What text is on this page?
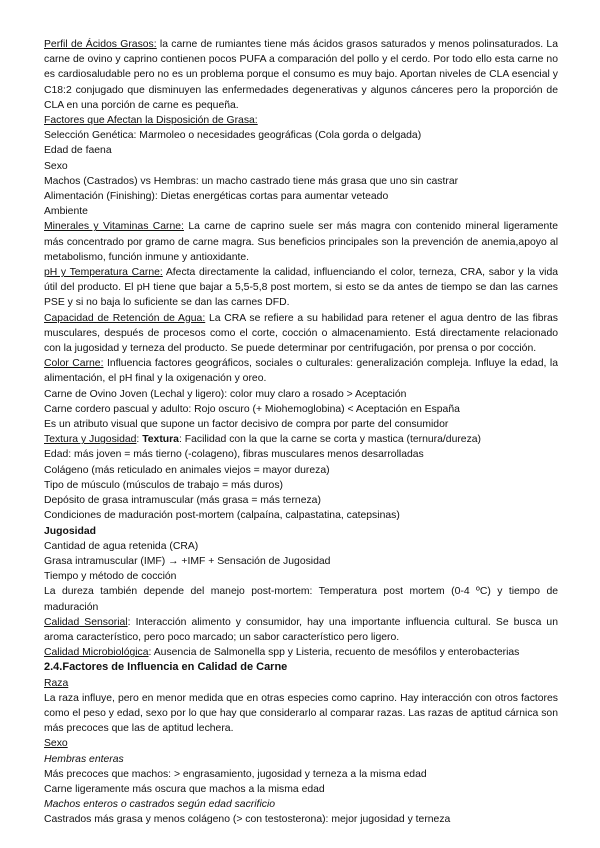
Perfil de Ácidos Grasos: la carne de rumiantes tiene más ácidos grasos saturados y menos polinsaturados. La carne de ovino y caprino contienen pocos PUFA a comparación del pollo y el cerdo. Por todo ello esta carne no es cardiosaludable pero no es un problema porque el consumo es muy bajo. Aportan niveles de CLA esencial y C18:2 conjugado que disminuyen las enfermedades degenerativas y algunos cánceres pero la proporción de CLA en una porción de carne es pequeña.

Factores que Afectan la Disposición de Grasa:

Selección Genética: Marmoleo o necesidades geográficas (Cola gorda o delgada)

Edad de faena

Sexo

Machos (Castrados) vs Hembras: un macho castrado tiene más grasa que uno sin castrar

Alimentación (Finishing): Dietas energéticas cortas para aumentar veteado

Ambiente

Minerales y Vitaminas Carne: La carne de caprino suele ser más magra con contenido mineral ligeramente más concentrado por gramo de carne magra. Sus beneficios principales son la prevención de anemia,apoyo al metabolismo, función inmune y antioxidante.

pH y Temperatura Carne: Afecta directamente la calidad, influenciando el color, terneza, CRA, sabor y la vida útil del producto. El pH tiene que bajar a 5,5-5,8 post mortem, si esto se da antes de tiempo se dan las carnes PSE y si no baja lo suficiente se dan las carnes DFD.

Capacidad de Retención de Agua: La CRA se refiere a su habilidad para retener el agua dentro de las fibras musculares, después de procesos como el corte, cocción o almacenamiento. Está directamente relacionado con la jugosidad y terneza del producto. Se puede determinar por centrifugación, por prensa o por cocción.

Color Carne: Influencia factores geográficos, sociales o culturales: generalización compleja. Influye la edad, la alimentación, el pH final y la oxigenación y oreo.

Carne de Ovino Joven (Lechal y ligero): color muy claro a rosado > Aceptación

Carne cordero pascual y adulto: Rojo oscuro (+ Miohemoglobina) < Aceptación en España

Es un atributo visual que supone un factor decisivo de compra por parte del consumidor

Textura y Jugosidad: Textura: Facilidad con la que la carne se corta y mastica (ternura/dureza)

Edad: más joven = más tierno (-colageno), fibras musculares menos desarrolladas

Colágeno (más reticulado en animales viejos = mayor dureza)

Tipo de músculo (músculos de trabajo = más duros)

Depósito de grasa intramuscular (más grasa = más terneza)

Condiciones de maduración post-mortem (calpaína, calpastatina, catepsinas)

Jugosidad

Cantidad de agua retenida (CRA)

Grasa intramuscular (IMF) → +IMF + Sensación de Jugosidad

Tiempo y método de cocción

La dureza también depende del manejo post-mortem: Temperatura post mortem (0-4 ºC) y tiempo de maduración

Calidad Sensorial: Interacción alimento y consumidor, hay una importante influencia cultural. Se busca un aroma característico, pero poco marcado; un sabor característico pero ligero.

Calidad Microbiológica: Ausencia de Salmonella spp y Listeria, recuento de mesófilos y enterobacterias

2.4.Factores de Influencia en Calidad de Carne

Raza

La raza influye, pero en menor medida que en otras especies como caprino. Hay interacción con otros factores como el peso y edad, sexo por lo que hay que considerarlo al comparar razas. Las razas de aptitud cárnica son más precoces que las de aptitud lechera.

Sexo

Hembras enteras

Más precoces que machos: > engrasamiento, jugosidad y terneza a la misma edad

Carne ligeramente más oscura que machos a la misma edad

Machos enteros o castrados según edad sacrificio

Castrados más grasa y menos colágeno (> con testosterona): mejor jugosidad y terneza
